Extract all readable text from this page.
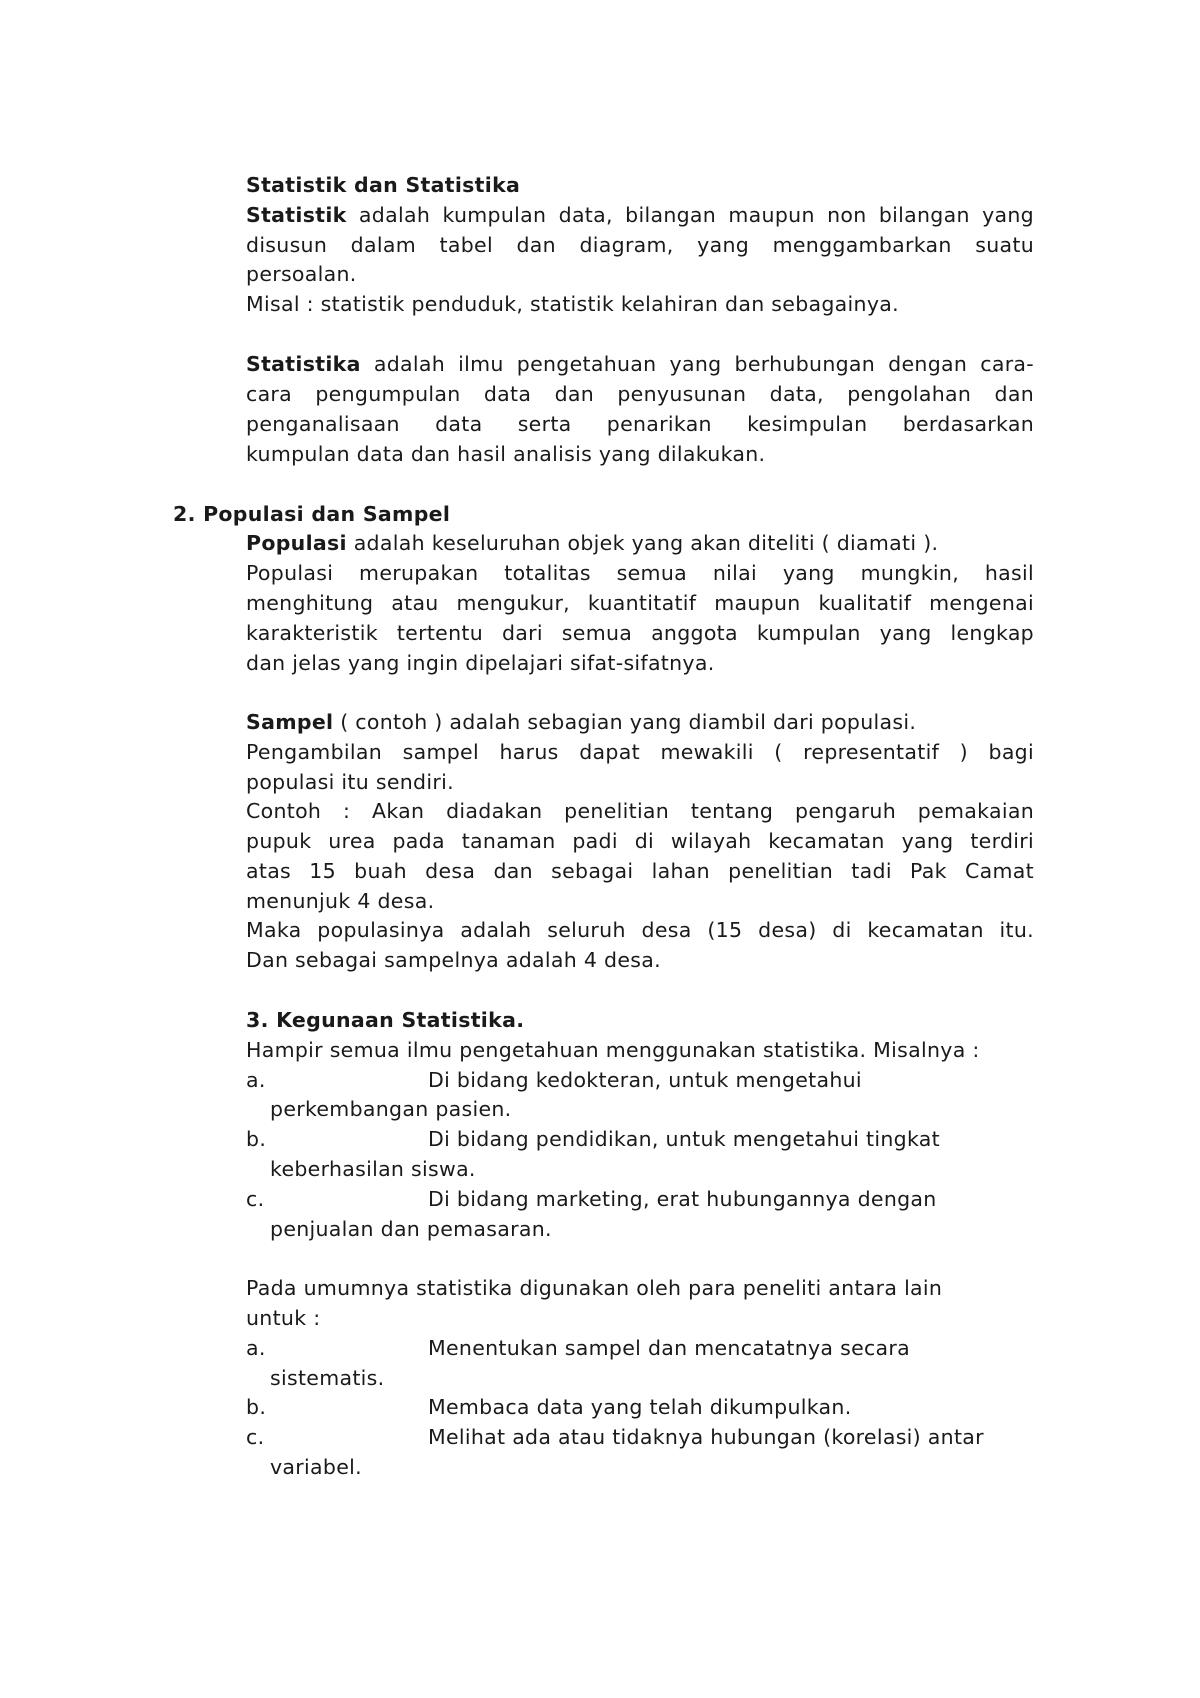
Statistik dan Statistika
Statistik adalah kumpulan data, bilangan maupun non bilangan yang
disusun dalam tabel dan diagram, yang menggambarkan suatu
persoalan.
Misal : statistik penduduk, statistik kelahiran dan sebagainya.
Statistika adalah ilmu pengetahuan yang berhubungan dengan cara-
cara pengumpulan data dan penyusunan data, pengolahan dan
penganalisaan data serta penarikan kesimpulan berdasarkan
kumpulan data dan hasil analisis yang dilakukan.
2. Populasi dan Sampel
Populasi adalah keseluruhan objek yang akan diteliti ( diamati ).
Populasi merupakan totalitas semua nilai yang mungkin, hasil
menghitung atau mengukur, kuantitatif maupun kualitatif mengenai
karakteristik tertentu dari semua anggota kumpulan yang lengkap
dan jelas yang ingin dipelajari sifat-sifatnya.
Sampel ( contoh ) adalah sebagian yang diambil dari populasi.
Pengambilan sampel harus dapat mewakili ( representatif ) bagi
populasi itu sendiri.
Contoh : Akan diadakan penelitian tentang pengaruh pemakaian
pupuk urea pada tanaman padi di wilayah kecamatan yang terdiri
atas 15 buah desa dan sebagai lahan penelitian tadi Pak Camat
menunjuk 4 desa.
Maka populasinya adalah seluruh desa (15 desa) di kecamatan itu.
Dan sebagai sampelnya adalah 4 desa.
3. Kegunaan Statistika.
Hampir semua ilmu pengetahuan menggunakan statistika. Misalnya :
a.	Di bidang kedokteran, untuk mengetahui
perkembangan pasien.
b.	Di bidang pendidikan, untuk mengetahui tingkat
keberhasilan siswa.
c.	Di bidang marketing, erat hubungannya dengan
penjualan dan pemasaran.
Pada umumnya statistika digunakan oleh para peneliti antara lain
untuk :
a.	Menentukan sampel dan mencatatnya secara
sistematis.
b.	Membaca data yang telah dikumpulkan.
c.	Melihat ada atau tidaknya hubungan (korelasi) antar
variabel.
